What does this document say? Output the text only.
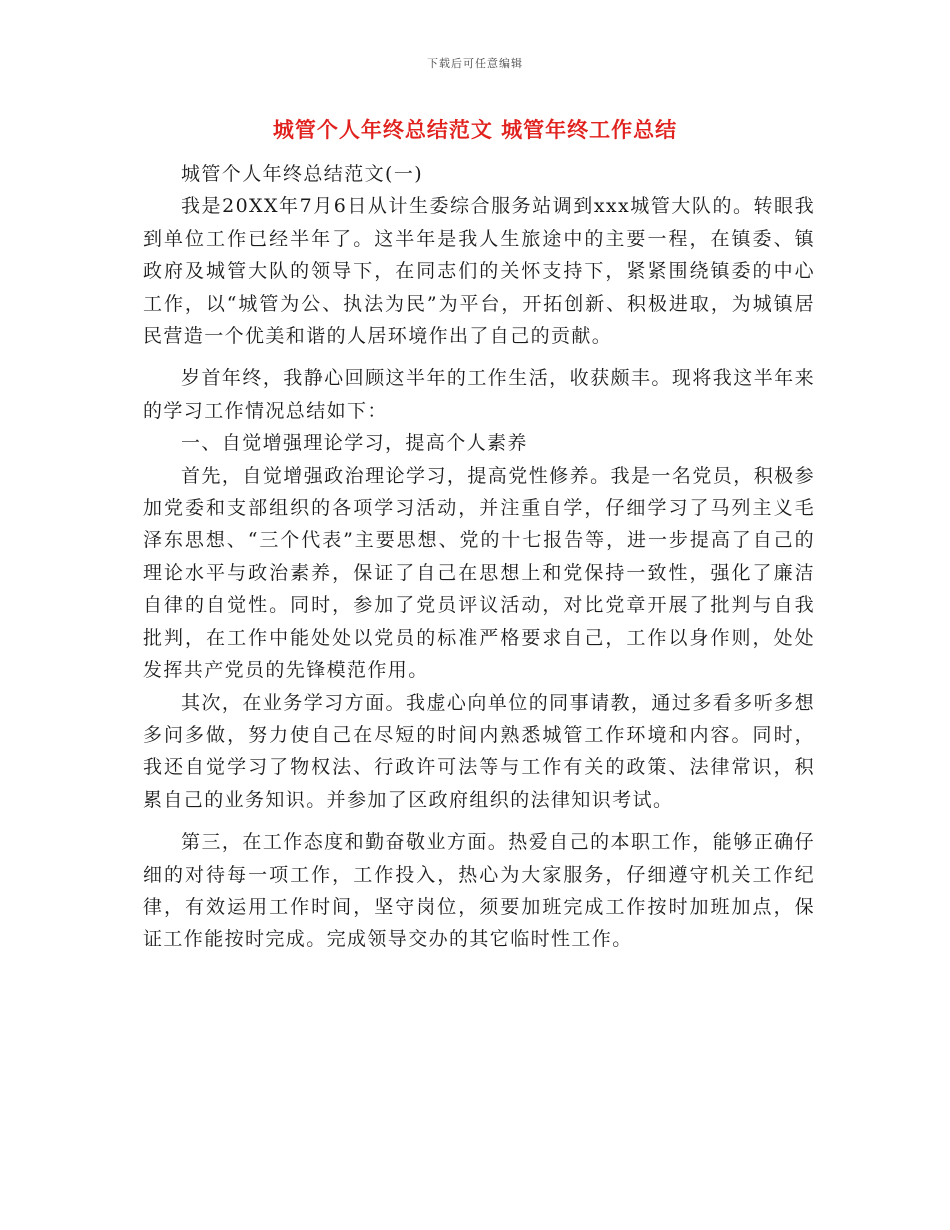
下载后可任意编辑
城管个人年终总结范文 城管年终工作总结

城管个人年终总结范文(一)

我是20XX年7月6日从计生委综合服务站调到xxx城管大队的。转眼我到单位工作已经半年了。这半年是我人生旅途中的主要一程，在镇委、镇政府及城管大队的领导下，在同志们的关怀支持下，紧紧围绕镇委的中心工作，以“城管为公、执法为民”为平台，开拓创新、积极进取，为城镇居民营造一个优美和谐的人居环境作出了自己的贡献。

岁首年终，我静心回顾这半年的工作生活，收获颇丰。现将我这半年来的学习工作情况总结如下：

一、自觉增强理论学习，提高个人素养

首先，自觉增强政治理论学习，提高党性修养。我是一名党员，积极参加党委和支部组织的各项学习活动，并注重自学，仔细学习了马列主义毛泽东思想、“三个代表”主要思想、党的十七报告等，进一步提高了自己的理论水平与政治素养，保证了自己在思想上和党保持一致性，强化了廉洁自律的自觉性。同时，参加了党员评议活动，对比党章开展了批判与自我批判，在工作中能处处以党员的标准严格要求自己，工作以身作则，处处发挥共产党员的先锋模范作用。

其次，在业务学习方面。我虚心向单位的同事请教，通过多看多听多想多问多做，努力使自己在尽短的时间内熟悉城管工作环境和内容。同时，我还自觉学习了物权法、行政许可法等与工作有关的政策、法律常识，积累自己的业务知识。并参加了区政府组织的法律知识考试。

第三，在工作态度和勤奋敬业方面。热爱自己的本职工作，能够正确仔细的对待每一项工作，工作投入，热心为大家服务，仔细遵守机关工作纪律，有效运用工作时间，坚守岗位，须要加班完成工作按时加班加点，保证工作能按时完成。完成领导交办的其它临时性工作。
